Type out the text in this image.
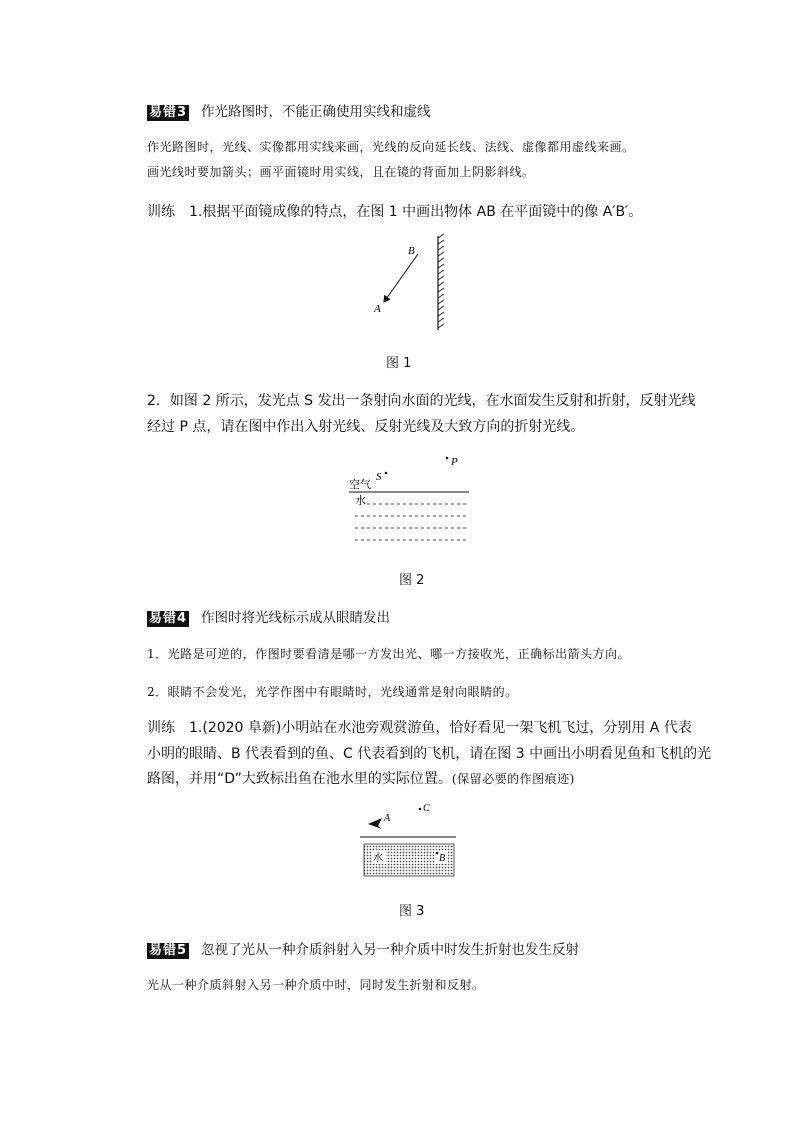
易错3 作光路图时，不能正确使用实线和虚线
作光路图时，光线、实像都用实线来画，光线的反向延长线、法线、虚像都用虚线来画。
画光线时要加箭头；画平面镜时用实线，且在镜的背面加上阴影斜线。
训练　1.根据平面镜成像的特点，在图 1 中画出物体 AB 在平面镜中的像 A′B′。
B
A
图 1
2．如图 2 所示，发光点 S 发出一条射向水面的光线，在水面发生反射和折射，反射光线
经过 P 点，请在图中作出入射光线、反射光线及大致方向的折射光线。
P
S
空气
水
图 2
易错4 作图时将光线标示成从眼睛发出
1．光路是可逆的，作图时要看清是哪一方发出光、哪一方接收光，正确标出箭头方向。
2．眼睛不会发光，光学作图中有眼睛时，光线通常是射向眼睛的。
训练　1.(2020 阜新)小明站在水池旁观赏游鱼，恰好看见一架飞机飞过，分别用 A 代表
小明的眼睛、B 代表看到的鱼、C 代表看到的飞机，请在图 3 中画出小明看见鱼和飞机的光
路图，并用“D”大致标出鱼在池水里的实际位置。(保留必要的作图痕迹)
C
A
水	B
图 3
易错5 忽视了光从一种介质斜射入另一种介质中时发生折射也发生反射
光从一种介质斜射入另一种介质中时，同时发生折射和反射。
